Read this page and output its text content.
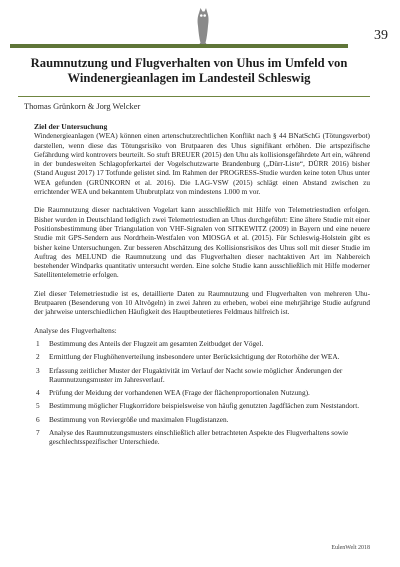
39
Raumnutzung und Flugverhalten von Uhus im Umfeld von
Windenergieanlagen im Landesteil Schleswig
Thomas Grünkorn & Jorg Welcker

Ziel der Untersuchung

Windenergieanlagen (WEA) können einen artenschutzrechtlichen Konflikt nach § 44 BNatSchG (Tötungsverbot) darstellen, wenn diese das Tötungsrisiko von Brutpaaren des Uhus signifikant erhöhen. Die artspezifische Gefährdung wird kontrovers beurteilt. So stuft BREUER (2015) den Uhu als kollisionsgefährdete Art ein, während in der bundesweiten Schlagopferkartei der Vogelschutzwarte Brandenburg („Dürr-Liste“, DÜRR 2016) bisher (Stand August 2017) 17 Totfunde gelistet sind. Im Rahmen der PROGRESS-Studie wurden keine toten Uhus unter WEA gefunden (GRÜNKORN et al. 2016). Die LAG-VSW (2015) schlägt einen Abstand zwischen zu errichtender WEA und bekanntem Uhubrutplatz von mindestens 1.000 m vor.

Die Raumnutzung dieser nachtaktiven Vogelart kann ausschließlich mit Hilfe von Telemetriestudien erfolgen. Bisher wurden in Deutschland lediglich zwei Telemetriestudien an Uhus durchgeführt: Eine ältere Studie mit einer Positionsbestimmung über Triangulation von VHF-Signalen von SITKEWITZ (2009) in Bayern und eine neuere Studie mit GPS-Sendern aus Nordrhein-Westfalen von MIOSGA et al. (2015). Für Schleswig-Holstein gibt es bisher keine Untersuchungen. Zur besseren Abschätzung des Kollisionsrisikos des Uhus soll mit dieser Studie im Auftrag des MELUND die Raumnutzung und das Flugverhalten dieser nachtaktiven Art im Nahbereich bestehender Windparks quantitativ untersucht werden. Eine solche Studie kann ausschließlich mit Hilfe moderner Satellitentelemetrie erfolgen.

Ziel dieser Telemetriestudie ist es, detaillierte Daten zu Raumnutzung und Flugverhalten von mehreren Uhu-Brutpaaren (Besenderung von 10 Altvögeln) in zwei Jahren zu erheben, wobei eine mehrjährige Studie aufgrund der jahrweise unterschiedlichen Häufigkeit des Hauptbeutetieres Feldmaus hilfreich ist.

Analyse des Flugverhaltens:

1	Bestimmung des Anteils der Flugzeit am gesamten Zeitbudget der Vögel.
2	Ermittlung der Flughöhenverteilung insbesondere unter Berücksichtigung der Rotorhöhe der WEA.
3	Erfassung zeitlicher Muster der Flugaktivität im Verlauf der Nacht sowie möglicher Änderungen der Raumnutzungsmuster im Jahresverlauf.
4	Prüfung der Meidung der vorhandenen WEA (Frage der flächenproportionalen Nutzung).
5	Bestimmung möglicher Flugkorridore beispielsweise von häufig genutzten Jagdflächen zum Neststandort.
6	Bestimmung von Reviergröße und maximalen Flugdistanzen.
7	Analyse des Raumnutzungsmusters einschließlich aller betrachteten Aspekte des Flugverhaltens sowie geschlechtsspezifischer Unterschiede.
EulenWelt 2018
